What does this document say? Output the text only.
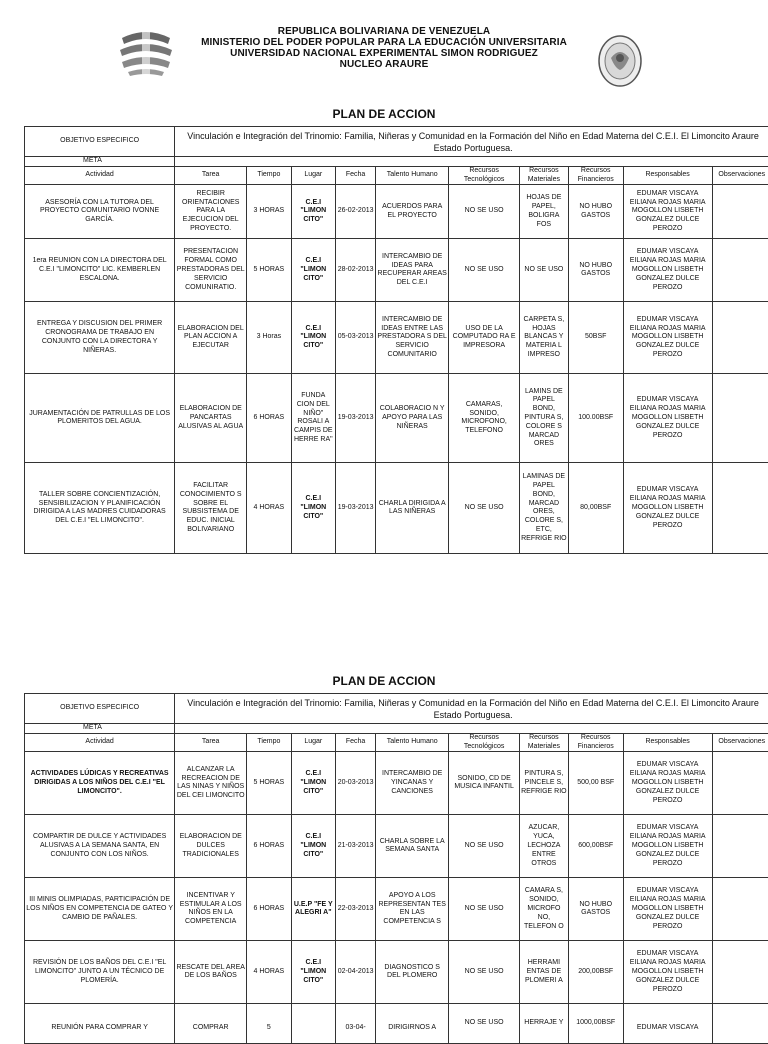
REPUBLICA BOLIVARIANA DE VENEZUELA
MINISTERIO DEL PODER POPULAR PARA LA EDUCACIÓN UNIVERSITARIA
UNIVERSIDAD NACIONAL EXPERIMENTAL SIMON RODRIGUEZ
NUCLEO ARAURE
PLAN DE ACCION
OBJETIVO ESPECIFICO	Vinculación e Integración del Trinomio: Familia, Niñeras y Comunidad en la Formación del Niño en Edad Materna del C.E.I. El Limoncito Araure Estado Portuguesa.									
META										
Actividad	Tarea	Tiempo	Lugar	Fecha	Talento Humano	Recursos Tecnológicos	Recursos Materiales	Recursos Financieros	Responsables	Observaciones
ASESORÍA CON LA TUTORA DEL PROYECTO COMUNITARIO IVONNE GARCÍA.	RECIBIR ORIENTACIONES PARA LA EJECUCION DEL PROYECTO.	3 HORAS	C.E.I "LIMON CITO"	26-02-2013	ACUERDOS PARA EL PROYECTO	NO SE USO	HOJAS DE PAPEL, BOLIGRA FOS	NO HUBO GASTOS	EDUMAR VISCAYA EILIANA ROJAS MARIA MOGOLLON LISBETH GONZALEZ DULCE PEROZO	
1era REUNION CON LA DIRECTORA DEL C.E.I "LIMONCITO" LIC. KEMBERLEN ESCALONA.	PRESENTACION FORMAL COMO PRESTADORAS DEL SERVICIO COMUNIRATIO.	5 HORAS	C.E.I "LIMON CITO"	28-02-2013	INTERCAMBIO DE IDEAS PARA RECUPERAR AREAS DEL C.E.I	NO SE USO	NO SE USO	NO HUBO GASTOS	EDUMAR VISCAYA EILIANA ROJAS MARIA MOGOLLON LISBETH GONZALEZ DULCE PEROZO	
ENTREGA Y DISCUSION DEL PRIMER CRONOGRAMA DE TRABAJO EN CONJUNTO CON LA DIRECTORA Y NIÑERAS.	ELABORACION DEL PLAN ACCION A EJECUTAR	3 Horas	C.E.I "LIMON CITO"	05-03-2013	INTERCAMBIO DE IDEAS ENTRE LAS PRESTADORA S DEL SERVICIO COMUNITARIO	USO DE LA COMPUTADO RA E IMPRESORA	CARPETA S, HOJAS BLANCAS Y MATERIA L IMPRESO	50BSF	EDUMAR VISCAYA EILIANA ROJAS MARIA MOGOLLON LISBETH GONZALEZ DULCE PEROZO	
JURAMENTACIÓN DE PATRULLAS DE LOS PLOMERITOS DEL AGUA.	ELABORACION DE PANCARTAS ALUSIVAS AL AGUA	6 HORAS	FUNDA CION DEL NIÑO" ROSALI A CAMPIS DE HERRE RA"	19-03-2013	COLABORACIO N Y APOYO PARA LAS NIÑERAS	CAMARAS, SONIDO, MICROFONO, TELEFONO	LAMINS DE PAPEL BOND, PINTURA S, COLORE S MARCAD ORES	100.00BSF	EDUMAR VISCAYA EILIANA ROJAS MARIA MOGOLLON LISBETH GONZALEZ DULCE PEROZO	
TALLER SOBRE CONCIENTIZACIÓN, SENSIBILIZACION Y PLANIFICACIÓN DIRIGIDA A LAS MADRES CUIDADORAS DEL C.E.I "EL LIMONCITO".	FACILITAR CONOCIMIENTO S SOBRE EL SUBSISTEMA DE EDUC. INICIAL BOLIVARIANO	4 HORAS	C.E.I "LIMON CITO"	19-03-2013	CHARLA DIRIGIDA A LAS NIÑERAS	NO SE USO	LAMINAS DE PAPEL BOND, MARCAD ORES, COLORE S, ETC, REFRIGE RIO	80,00BSF	EDUMAR VISCAYA EILIANA ROJAS MARIA MOGOLLON LISBETH GONZALEZ DULCE PEROZO	
PLAN DE ACCION
OBJETIVO ESPECIFICO	Vinculación e Integración del Trinomio: Familia, Niñeras y Comunidad en la Formación del Niño en Edad Materna del C.E.I. El Limoncito Araure Estado Portuguesa.									
META										
Actividad	Tarea	Tiempo	Lugar	Fecha	Talento Humano	Recursos Tecnológicos	Recursos Materiales	Recursos Financieros	Responsables	Observaciones
ACTIVIDADES LÚDICAS Y RECREATIVAS DIRIGIDAS A LOS NIÑOS DEL C.E.I "EL LIMONCITO".	ALCANZAR LA RECREACION DE LAS NINAS Y NIÑOS DEL CEI LIMONCITO	5 HORAS	C.E.I "LIMON CITO"	20-03-2013	INTERCAMBIO DE YINCANAS Y CANCIONES	SONIDO, CD DE MUSICA INFANTIL	PINTURA S, PINCELE S, REFRIGE RIO	500,00 BSF	EDUMAR VISCAYA EILIANA ROJAS MARIA MOGOLLON LISBETH GONZALEZ DULCE PEROZO	
COMPARTIR DE DULCE Y ACTIVIDADES ALUSIVAS A LA SEMANA SANTA, EN CONJUNTO CON LOS NIÑOS.	ELABORACION DE DULCES TRADICIONALES	6 HORAS	C.E.I "LIMON CITO"	21-03-2013	CHARLA SOBRE LA SEMANA SANTA	NO SE USO	AZUCAR, YUCA, LECHOZA ENTRE OTROS	600,00BSF	EDUMAR VISCAYA EILIANA ROJAS MARIA MOGOLLON LISBETH GONZALEZ DULCE PEROZO	
III MINIS OLIMPIADAS, PARTICIPACIÓN DE LOS NIÑOS EN COMPETENCIA DE GATEO Y CAMBIO DE PAÑALES.	INCENTIVAR Y ESTIMULAR A LOS NIÑOS EN LA COMPETENCIA	6 HORAS	U.E.P "FE Y ALEGRI A"	22-03-2013	APOYO A LOS REPRESENTAN TES EN LAS COMPETENCIA S	NO SE USO	CAMARA S, SONIDO, MICROFO NO, TELEFON O	NO HUBO GASTOS	EDUMAR VISCAYA EILIANA ROJAS MARIA MOGOLLON LISBETH GONZALEZ DULCE PEROZO	
REVISIÓN DE LOS BAÑOS DEL C.E.I "EL LIMONCITO" JUNTO A UN TÉCNICO DE PLOMERÍA.	RESCATE DEL AREA DE LOS BAÑOS	4 HORAS	C.E.I "LIMON CITO"	02-04-2013	DIAGNOSTICO S DEL PLOMERO	NO SE USO	HERRAMI ENTAS DE PLOMERI A	200,00BSF	EDUMAR VISCAYA EILIANA ROJAS MARIA MOGOLLON LISBETH GONZALEZ DULCE PEROZO	
REUNIÓN PARA COMPRAR Y	COMPRAR	5		03-04-	DIRIGIRNOS A	NO SE USO	HERRAJE Y	1000,00BSF	EDUMAR VISCAYA	
